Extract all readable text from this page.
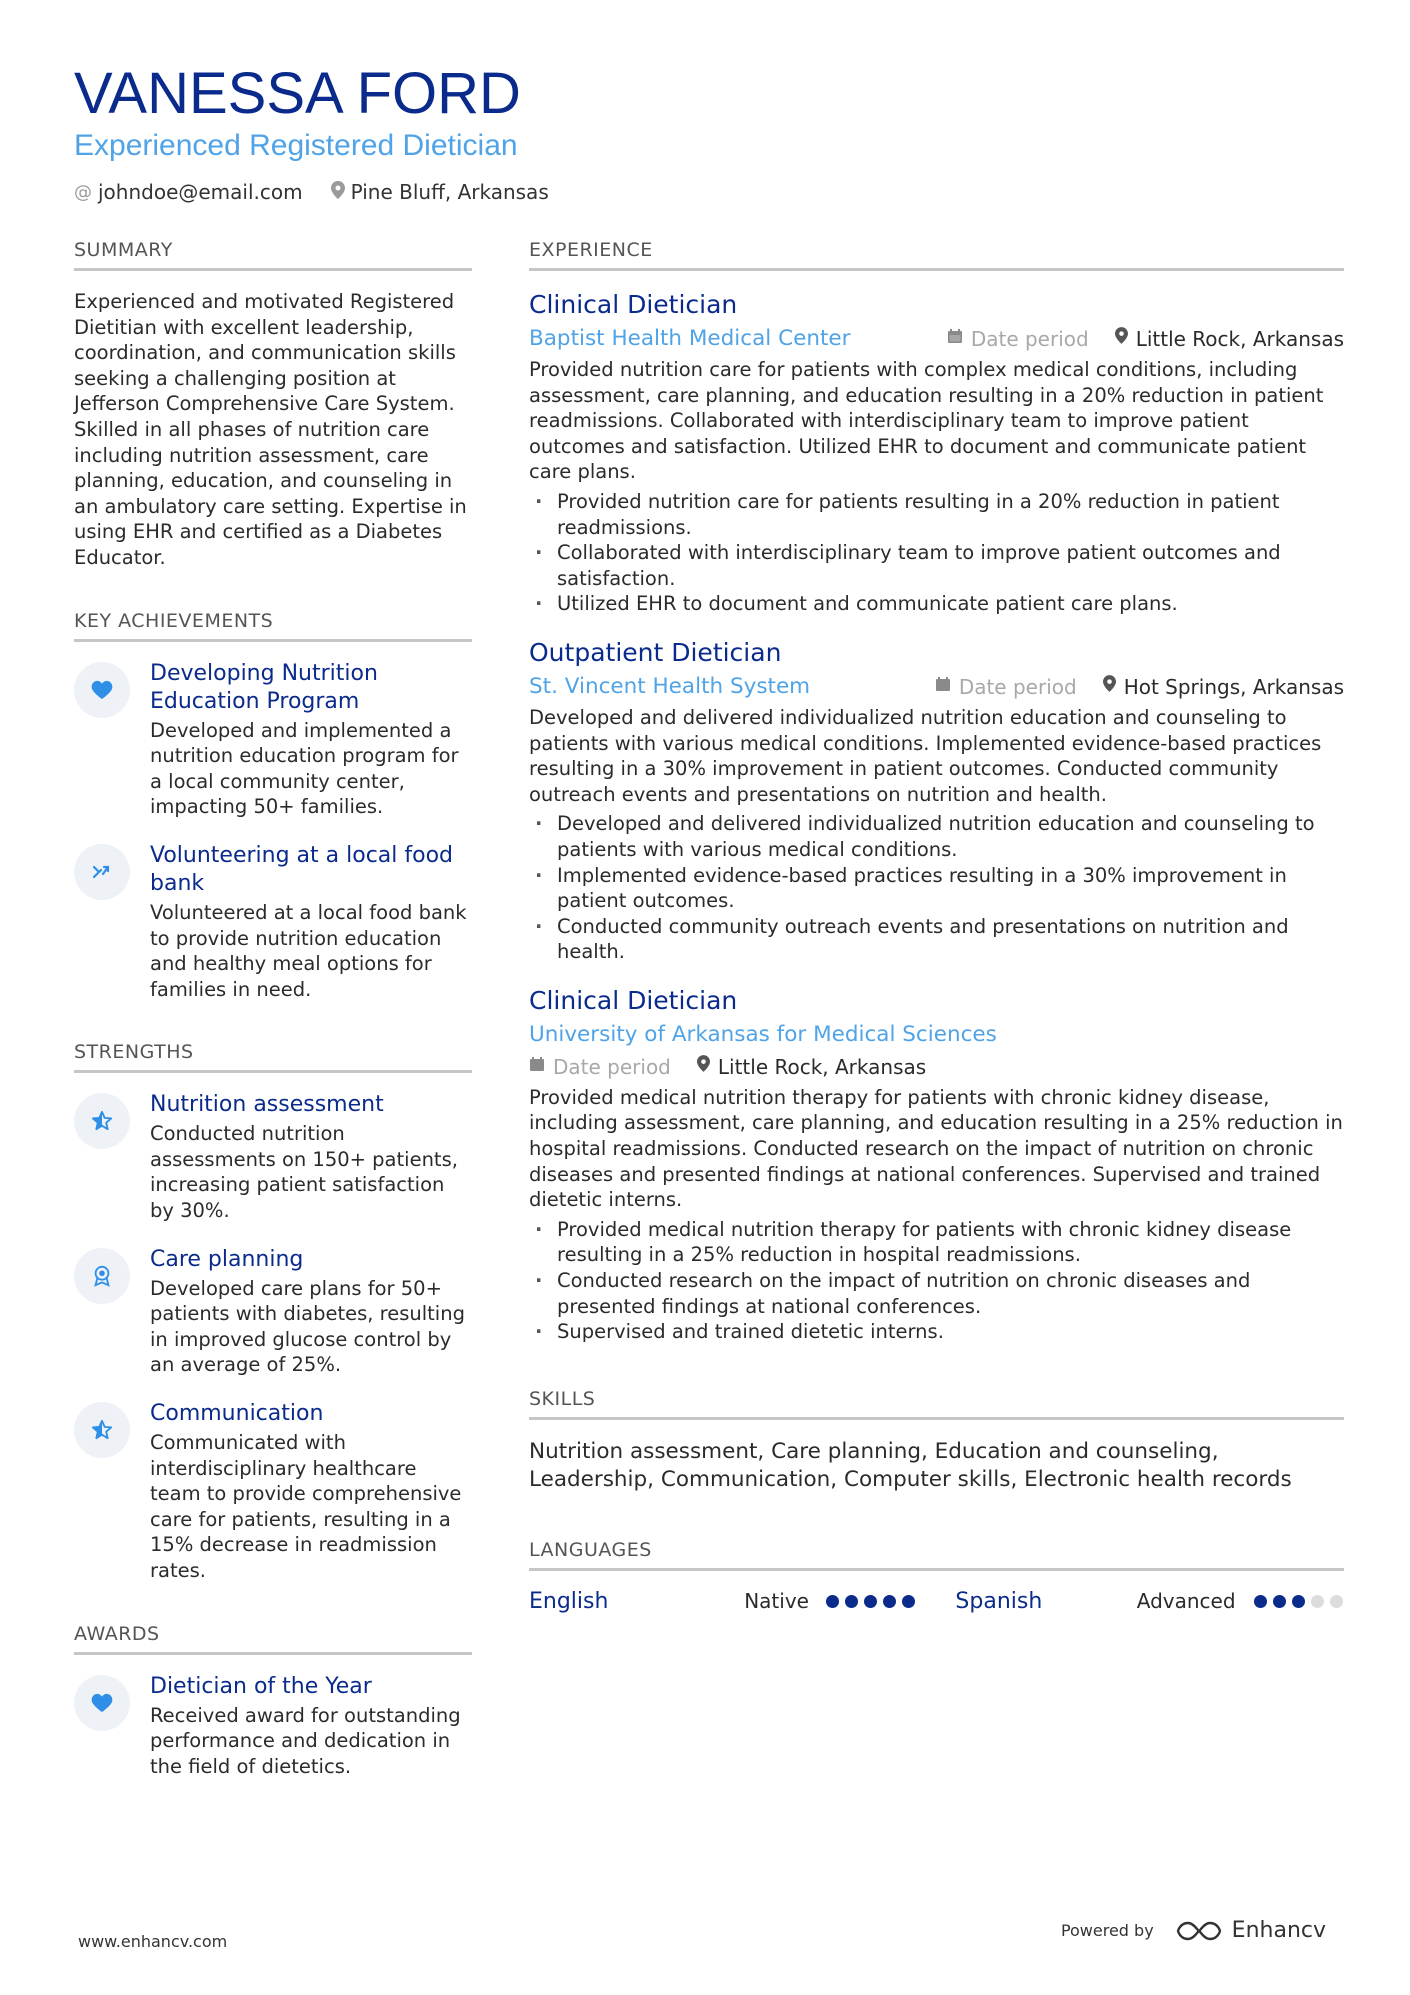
VANESSA FORD
Experienced Registered Dietician
@ johndoe@email.com Pine Bluff, Arkansas
SUMMARY
Experienced and motivated Registered Dietitian with excellent leadership, coordination, and communication skills seeking a challenging position at Jefferson Comprehensive Care System. Skilled in all phases of nutrition care including nutrition assessment, care planning, education, and counseling in an ambulatory care setting. Expertise in using EHR and certified as a Diabetes Educator.
KEY ACHIEVEMENTS
Developing Nutrition Education Program
Developed and implemented a nutrition education program for a local community center, impacting 50+ families.
Volunteering at a local food bank
Volunteered at a local food bank to provide nutrition education and healthy meal options for families in need.
STRENGTHS
Nutrition assessment
Conducted nutrition assessments on 150+ patients, increasing patient satisfaction by 30%.
Care planning
Developed care plans for 50+ patients with diabetes, resulting in improved glucose control by an average of 25%.
Communication
Communicated with interdisciplinary healthcare team to provide comprehensive care for patients, resulting in a 15% decrease in readmission rates.
AWARDS
Dietician of the Year
Received award for outstanding performance and dedication in the field of dietetics.
EXPERIENCE
Clinical Dietician
Baptist Health Medical Center	Date period Little Rock, Arkansas
Provided nutrition care for patients with complex medical conditions, including assessment, care planning, and education resulting in a 20% reduction in patient readmissions. Collaborated with interdisciplinary team to improve patient outcomes and satisfaction. Utilized EHR to document and communicate patient care plans.
· Provided nutrition care for patients resulting in a 20% reduction in patient readmissions.
· Collaborated with interdisciplinary team to improve patient outcomes and satisfaction.
· Utilized EHR to document and communicate patient care plans.
Outpatient Dietician
St. Vincent Health System	Date period Hot Springs, Arkansas
Developed and delivered individualized nutrition education and counseling to patients with various medical conditions. Implemented evidence-based practices resulting in a 30% improvement in patient outcomes. Conducted community outreach events and presentations on nutrition and health.
· Developed and delivered individualized nutrition education and counseling to patients with various medical conditions.
· Implemented evidence-based practices resulting in a 30% improvement in patient outcomes.
· Conducted community outreach events and presentations on nutrition and health.
Clinical Dietician
University of Arkansas for Medical Sciences
Date period Little Rock, Arkansas
Provided medical nutrition therapy for patients with chronic kidney disease, including assessment, care planning, and education resulting in a 25% reduction in hospital readmissions. Conducted research on the impact of nutrition on chronic diseases and presented findings at national conferences. Supervised and trained dietetic interns.
· Provided medical nutrition therapy for patients with chronic kidney disease resulting in a 25% reduction in hospital readmissions.
· Conducted research on the impact of nutrition on chronic diseases and presented findings at national conferences.
· Supervised and trained dietetic interns.
SKILLS
Nutrition assessment, Care planning, Education and counseling, Leadership, Communication, Computer skills, Electronic health records
LANGUAGES
English	Native	Spanish	Advanced
www.enhancv.com
Powered by	Enhancv
